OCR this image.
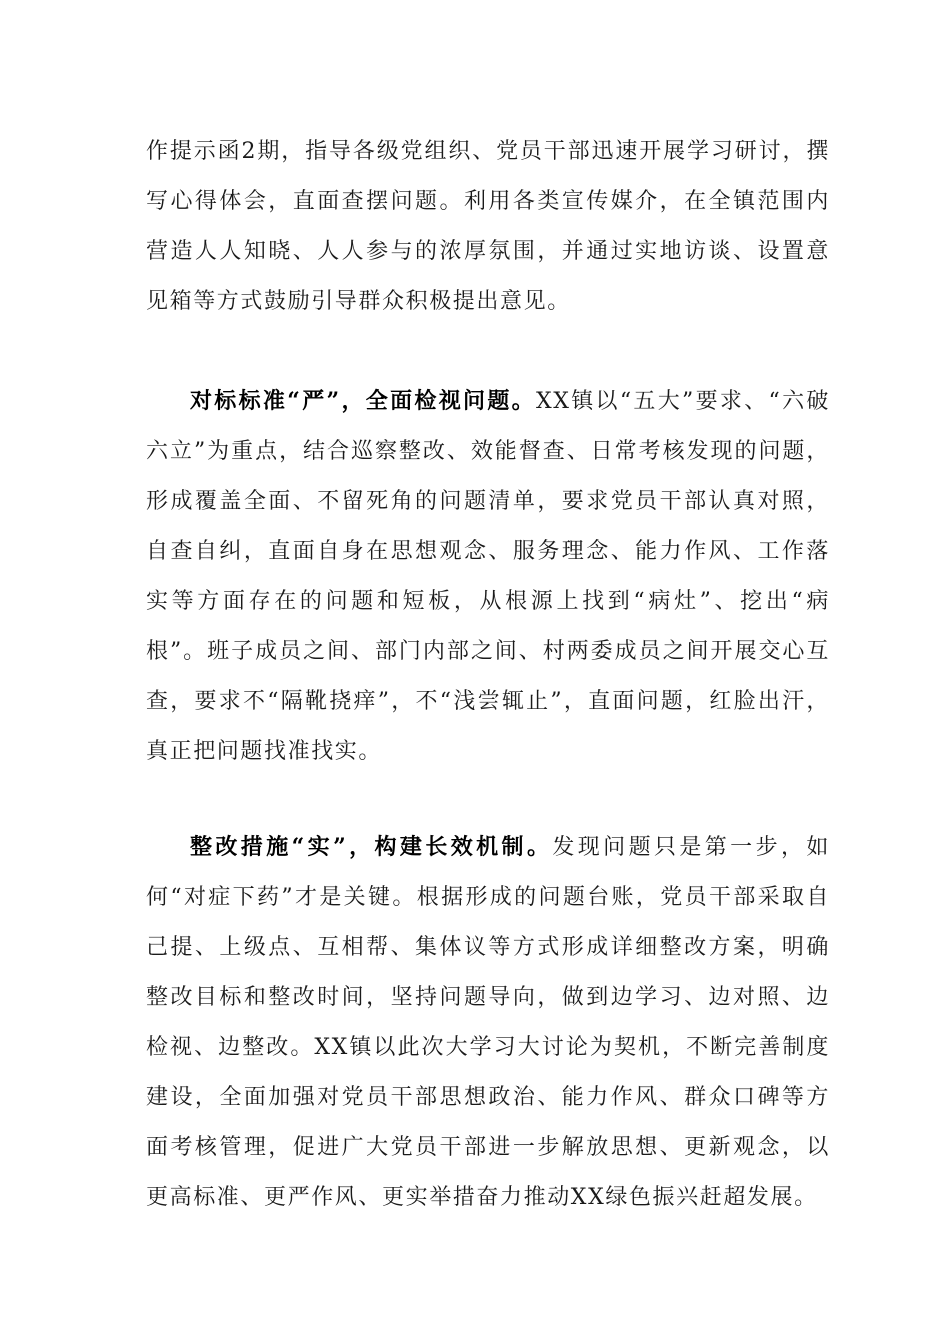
作提示函2期，指导各级党组织、党员干部迅速开展学习研讨，撰写心得体会，直面查摆问题。利用各类宣传媒介，在全镇范围内营造人人知晓、人人参与的浓厚氛围，并通过实地访谈、设置意见箱等方式鼓励引导群众积极提出意见。

对标标准“严”，全面检视问题。XX镇以“五大”要求、“六破六立”为重点，结合巡察整改、效能督查、日常考核发现的问题，形成覆盖全面、不留死角的问题清单，要求党员干部认真对照，自查自纠，直面自身在思想观念、服务理念、能力作风、工作落实等方面存在的问题和短板，从根源上找到“病灶”、挖出“病根”。班子成员之间、部门内部之间、村两委成员之间开展交心互查，要求不“隔靴挠痒”，不“浅尝辄止”，直面问题，红脸出汗，真正把问题找准找实。

整改措施“实”，构建长效机制。发现问题只是第一步，如何“对症下药”才是关键。根据形成的问题台账，党员干部采取自己提、上级点、互相帮、集体议等方式形成详细整改方案，明确整改目标和整改时间，坚持问题导向，做到边学习、边对照、边检视、边整改。XX镇以此次大学习大讨论为契机，不断完善制度建设，全面加强对党员干部思想政治、能力作风、群众口碑等方面考核管理，促进广大党员干部进一步解放思想、更新观念，以更高标准、更严作风、更实举措奋力推动XX绿色振兴赶超发展。
